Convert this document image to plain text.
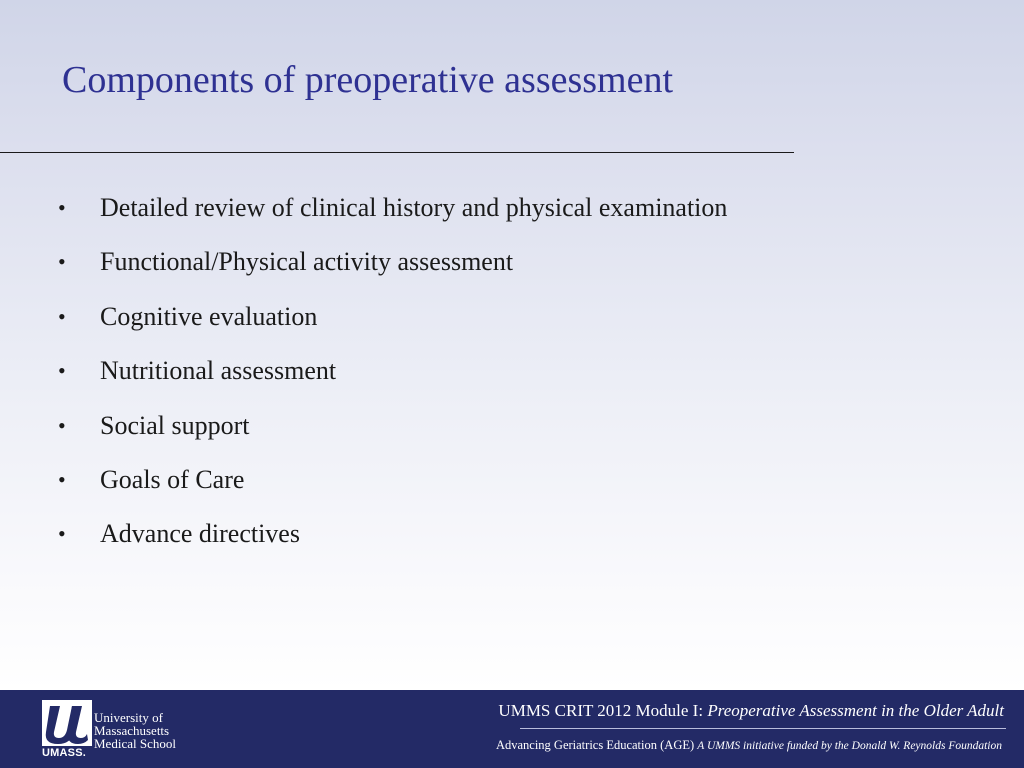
Components of preoperative assessment
•	Detailed review of clinical history and physical examination
•	Functional/Physical activity assessment
•	Cognitive evaluation
•	Nutritional assessment
•	Social support
•	Goals of Care
•	Advance directives
UMASS.
University of
Massachusetts
Medical School
UMMS CRIT 2012 Module I: Preoperative Assessment in the Older Adult
Advancing Geriatrics Education (AGE) A UMMS initiative funded by the Donald W. Reynolds Foundation
